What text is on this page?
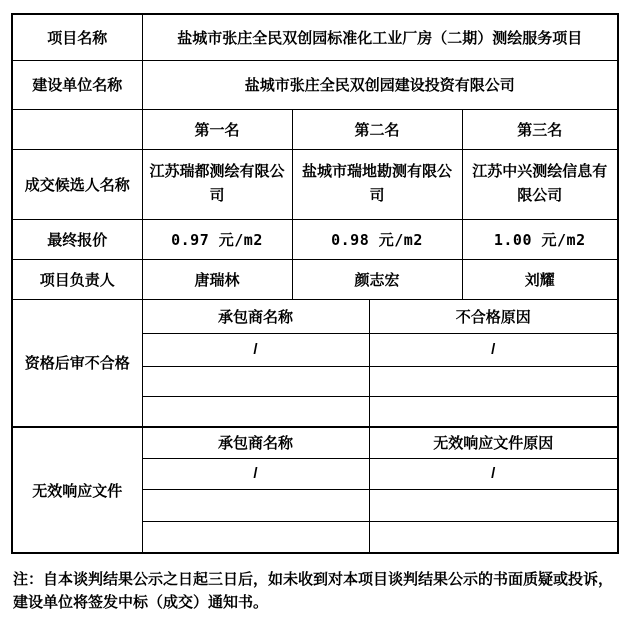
项目名称	盐城市张庄全民双创园标准化工业厂房（二期）测绘服务项目			
建设单位名称	盐城市张庄全民双创园建设投资有限公司			
	第一名	第二名		第三名
成交候选人名称	江苏瑞都测绘有限公司	盐城市瑞地勘测有限公司		江苏中兴测绘信息有限公司
最终报价	0.97 元/m2	0.98 元/m2		1.00 元/m2
项目负责人	唐瑞林	颜志宏		刘耀
资格后审不合格	承包商名称		不合格原因	
	/		/	

无效响应文件	承包商名称		无效响应文件原因	
	/		/	

注：自本谈判结果公示之日起三日后，如未收到对本项目谈判结果公示的书面质疑或投诉，建设单位将签发中标（成交）通知书。
